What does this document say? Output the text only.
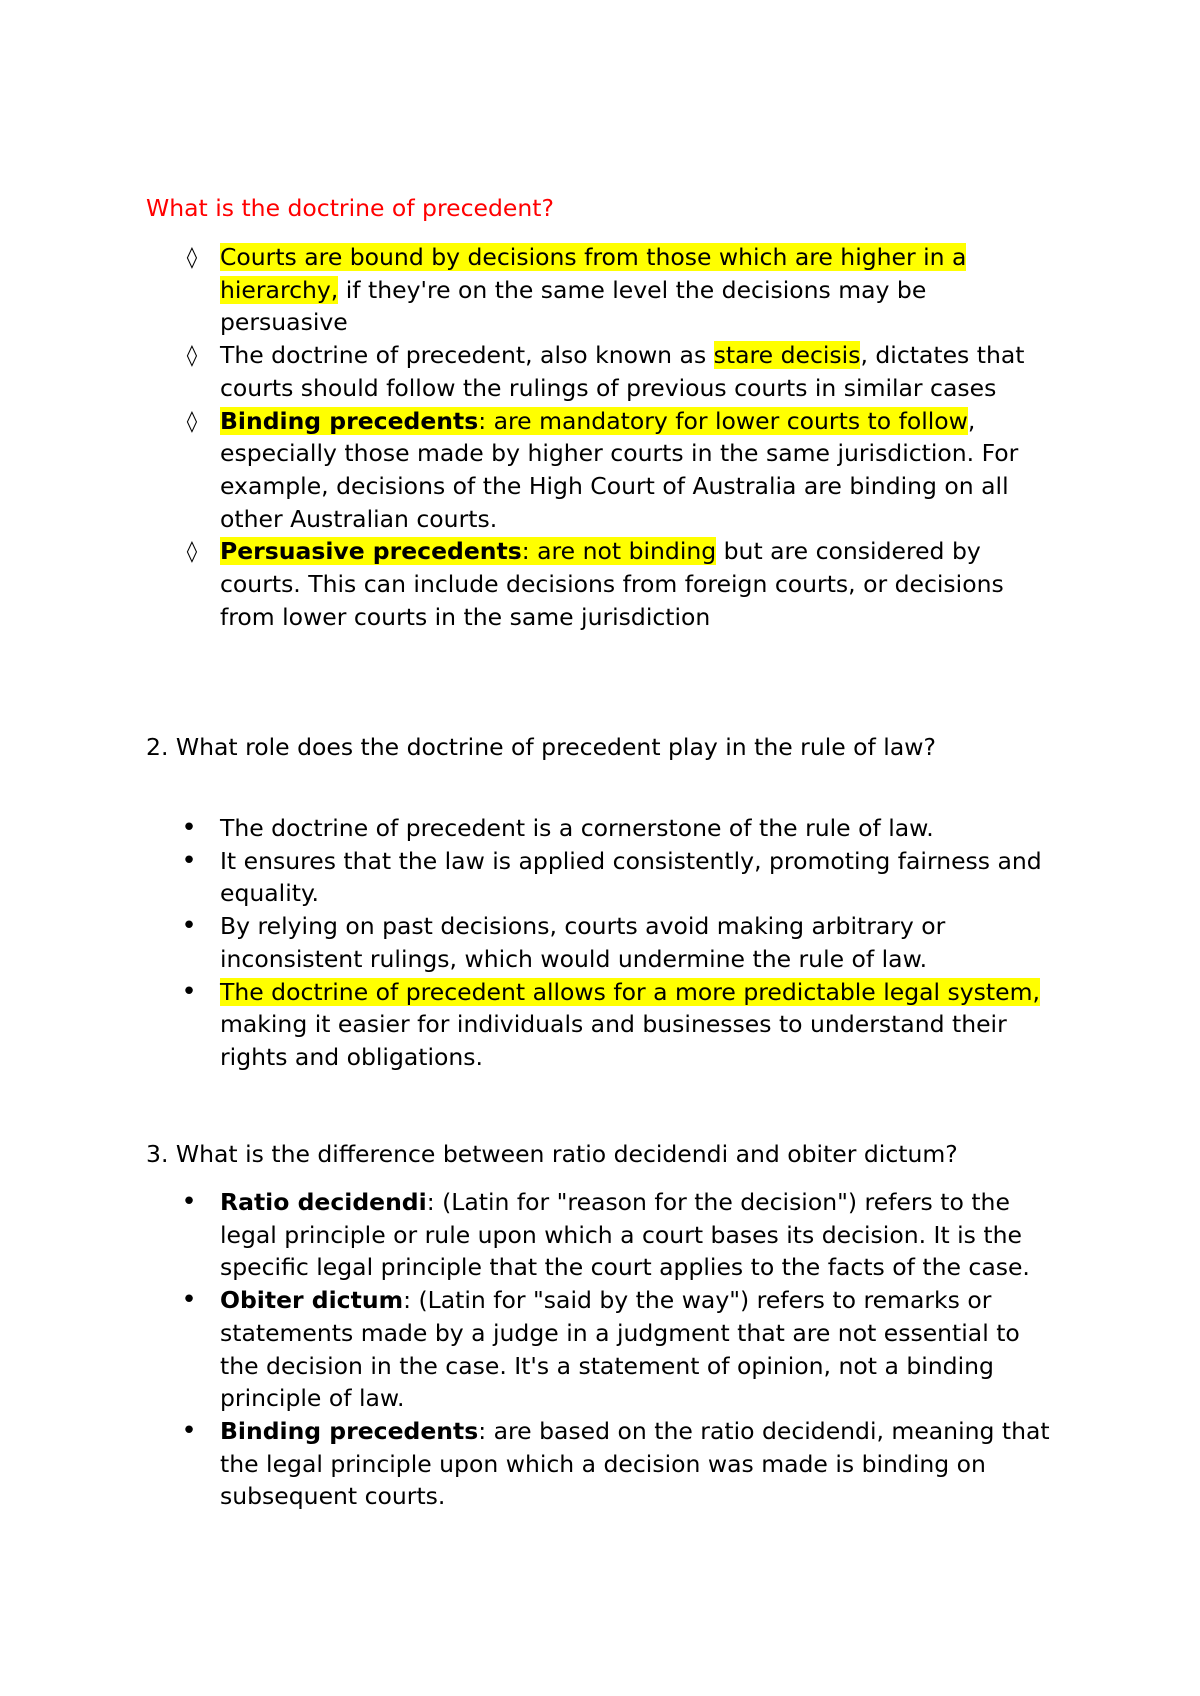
What is the doctrine of precedent?
◊ Courts are bound by decisions from those which are higher in a hierarchy, if they're on the same level the decisions may be persuasive
◊ The doctrine of precedent, also known as stare decisis, dictates that courts should follow the rulings of previous courts in similar cases
◊ Binding precedents: are mandatory for lower courts to follow, especially those made by higher courts in the same jurisdiction. For example, decisions of the High Court of Australia are binding on all other Australian courts.
◊ Persuasive precedents: are not binding but are considered by courts. This can include decisions from foreign courts, or decisions from lower courts in the same jurisdiction
2. What role does the doctrine of precedent play in the rule of law?
• The doctrine of precedent is a cornerstone of the rule of law.
• It ensures that the law is applied consistently, promoting fairness and equality.
• By relying on past decisions, courts avoid making arbitrary or inconsistent rulings, which would undermine the rule of law.
• The doctrine of precedent allows for a more predictable legal system, making it easier for individuals and businesses to understand their rights and obligations.
3. What is the difference between ratio decidendi and obiter dictum?
• Ratio decidendi: (Latin for "reason for the decision") refers to the legal principle or rule upon which a court bases its decision. It is the specific legal principle that the court applies to the facts of the case.
• Obiter dictum: (Latin for "said by the way") refers to remarks or statements made by a judge in a judgment that are not essential to the decision in the case. It's a statement of opinion, not a binding principle of law.
• Binding precedents: are based on the ratio decidendi, meaning that the legal principle upon which a decision was made is binding on subsequent courts.
